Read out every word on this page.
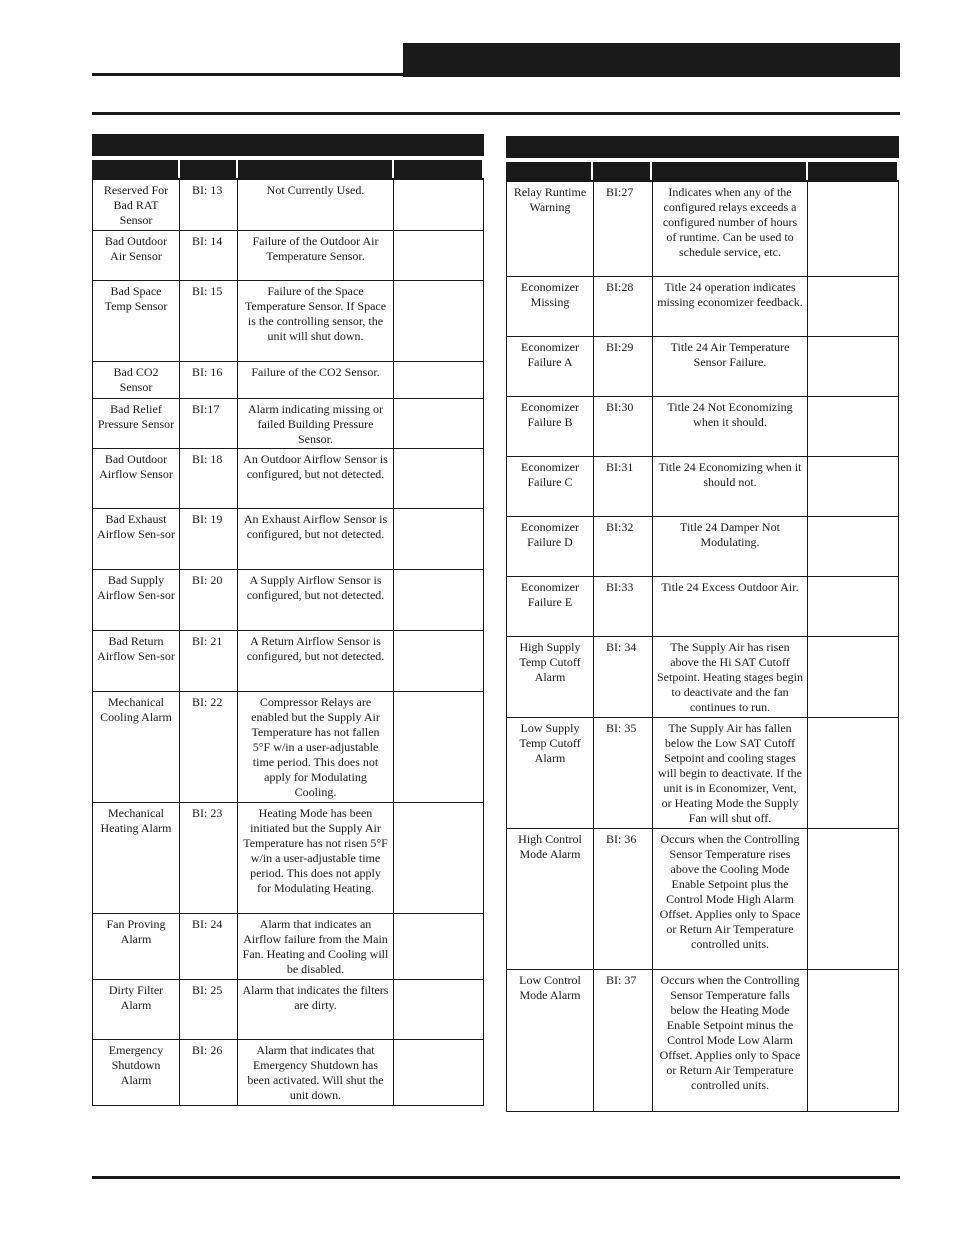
Reserved For Bad RAT Sensor
BI: 13	Not Currently Used.
Bad Outdoor Air Sensor
BI: 14	Failure of the Outdoor Air Temperature Sensor.
Bad Space Temp Sensor
BI: 15	Failure of the Space Temperature Sensor. If Space is the controlling sensor, the unit will shut down.
Bad CO2 Sensor
BI: 16	Failure of the CO2 Sensor.
Bad Relief Pressure Sensor
BI:17	Alarm indicating missing or failed Building Pressure Sensor.
Bad Outdoor Airflow Sensor
BI: 18	An Outdoor Airflow Sensor is configured, but not detected.
Bad Exhaust Airflow Sen-sor
BI: 19	An Exhaust Airflow Sensor is configured, but not detected.
Bad Supply Airflow Sen-sor
BI: 20	A Supply Airflow Sensor is configured, but not detected.
Bad Return Airflow Sen-sor
BI: 21	A Return Airflow Sensor is configured, but not detected.
Mechanical Cooling Alarm
BI: 22	Compressor Relays are enabled but the Supply Air Temperature has not fallen 5°F w/in a user-adjustable time period. This does not apply for Modulating Cooling.
Mechanical Heating Alarm
BI: 23	Heating Mode has been initiated but the Supply Air Temperature has not risen 5°F w/in a user-adjustable time period. This does not apply for Modulating Heating.
Fan Proving Alarm
BI: 24	Alarm that indicates an Airflow failure from the Main Fan. Heating and Cooling will be disabled.
Dirty Filter Alarm
BI: 25	Alarm that indicates the filters are dirty.
Emergency Shutdown Alarm
BI: 26	Alarm that indicates that Emergency Shutdown has been activated. Will shut the unit down.
Relay Runtime Warning
BI:27	Indicates when any of the configured relays exceeds a configured number of hours of runtime. Can be used to schedule service, etc.
Economizer Missing
BI:28	Title 24 operation indicates missing economizer feedback.
Economizer Failure A
BI:29	Title 24 Air Temperature Sensor Failure.
Economizer Failure B
BI:30	Title 24 Not Economizing when it should.
Economizer Failure C
BI:31	Title 24 Economizing when it should not.
Economizer Failure D
BI:32	Title 24 Damper Not Modulating.
Economizer Failure E
BI:33	Title 24 Excess Outdoor Air.
High Supply Temp Cutoff Alarm
BI: 34	The Supply Air has risen above the Hi SAT Cutoff Setpoint. Heating stages begin to deactivate and the fan continues to run.
Low Supply Temp Cutoff Alarm
BI: 35	The Supply Air has fallen below the Low SAT Cutoff Setpoint and cooling stages will begin to deactivate. If the unit is in Economizer, Vent, or Heating Mode the Supply Fan will shut off.
High Control Mode Alarm
BI: 36	Occurs when the Controlling Sensor Temperature rises above the Cooling Mode Enable Setpoint plus the Control Mode High Alarm Offset. Applies only to Space or Return Air Temperature controlled units.
Low Control Mode Alarm
BI: 37	Occurs when the Controlling Sensor Temperature falls below the Heating Mode Enable Setpoint minus the Control Mode Low Alarm Offset. Applies only to Space or Return Air Temperature controlled units.
